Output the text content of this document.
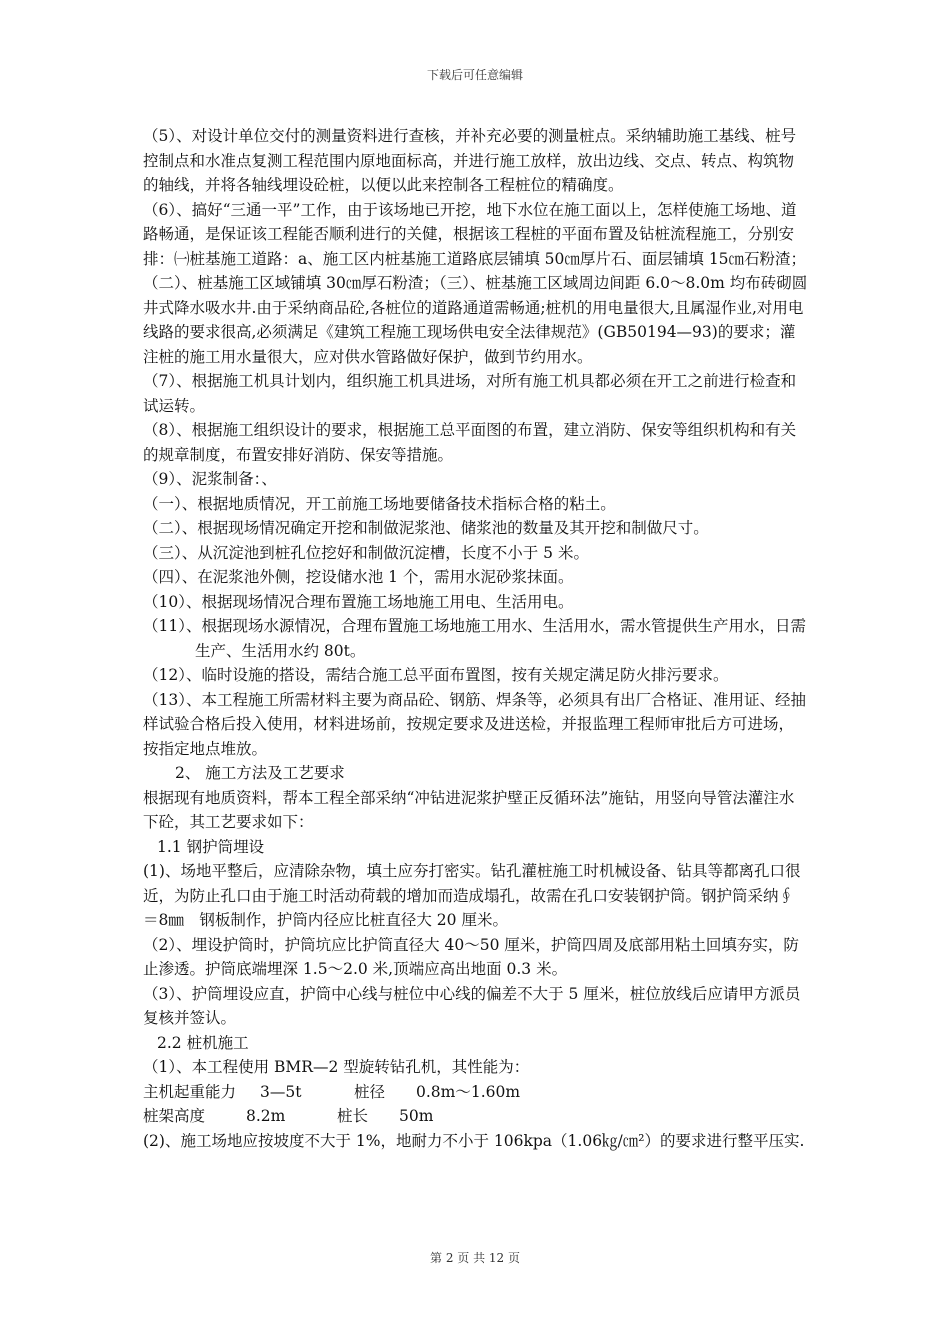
下载后可任意编辑

（5）、对设计单位交付的测量资料进行查核，并补充必要的测量桩点。采纳辅助施工基线、桩号控制点和水准点复测工程范围内原地面标高，并进行施工放样，放出边线、交点、转点、构筑物的轴线，并将各轴线埋设砼桩，以便以此来控制各工程桩位的精确度。

（6）、搞好“三通一平”工作，由于该场地已开挖，地下水位在施工面以上，怎样使施工场地、道路畅通，是保证该工程能否顺利进行的关健，根据该工程桩的平面布置及钻桩流程施工，分别安排：㈠桩基施工道路：a、施工区内桩基施工道路底层铺填 50㎝厚片石、面层铺填 15㎝石粉渣；（二）、桩基施工区域铺填 30㎝厚石粉渣；（三）、桩基施工区域周边间距 6.0～8.0m 均布砖砌圆井式降水吸水井.由于采纳商品砼,各桩位的道路通道需畅通;桩机的用电量很大,且属湿作业,对用电线路的要求很高,必须满足《建筑工程施工现场供电安全法律规范》(GB50194—93)的要求；灌注桩的施工用水量很大，应对供水管路做好保护，做到节约用水。

（7）、根据施工机具计划内，组织施工机具进场，对所有施工机具都必须在开工之前进行检查和试运转。

（8）、根据施工组织设计的要求，根据施工总平面图的布置，建立消防、保安等组织机构和有关的规章制度，布置安排好消防、保安等措施。

（9）、泥浆制备：、

（一）、根据地质情况，开工前施工场地要储备技术指标合格的粘土。

（二）、根据现场情况确定开挖和制做泥浆池、储浆池的数量及其开挖和制做尺寸。

（三）、从沉淀池到桩孔位挖好和制做沉淀槽，长度不小于 5 米。

（四）、在泥浆池外侧，挖设储水池 1 个，需用水泥砂浆抹面。

（10）、根据现场情况合理布置施工场地施工用电、生活用电。

（11）、根据现场水源情况，合理布置施工场地施工用水、生活用水，需水管提供生产用水，日需生产、生活用水约 80t。

（12）、临时设施的搭设，需结合施工总平面布置图，按有关规定满足防火排污要求。

（13）、本工程施工所需材料主要为商品砼、钢筋、焊条等，必须具有出厂合格证、准用证、经抽样试验合格后投入使用，材料进场前，按规定要求及进送检，并报监理工程师审批后方可进场，按指定地点堆放。

2、 施工方法及工艺要求

根据现有地质资料，帮本工程全部采纳“冲钻进泥浆护壁正反循环法”施钻，用竖向导管法灌注水下砼，其工艺要求如下：

1.1 钢护筒埋设

(1)、场地平整后，应清除杂物，填土应夯打密实。钻孔灌桩施工时机械设备、钻具等都离孔口很近，为防止孔口由于施工时活动荷载的增加而造成塌孔，故需在孔口安装钢护筒。钢护筒采纳∮＝8㎜　钢板制作，护筒内径应比桩直径大 20 厘米。

（2）、埋设护筒时，护筒坑应比护筒直径大 40～50 厘米，护筒四周及底部用粘土回填夯实，防止渗透。护筒底端埋深 1.5～2.0 米,顶端应高出地面 0.3 米。

（3）、护筒埋设应直，护筒中心线与桩位中心线的偏差不大于 5 厘米，桩位放线后应请甲方派员复核并签认。

2.2 桩机施工

（1）、本工程使用 BMR—2 型旋转钻孔机，其性能为：

主机起重能力	3—5t	桩径	0.8m～1.60m
桩架高度	8.2m	桩长	50m

(2)、施工场地应按坡度不大于 1%，地耐力不小于 106kpa（1.06㎏/㎝²）的要求进行整平压实.

第 2 页 共 12 页
